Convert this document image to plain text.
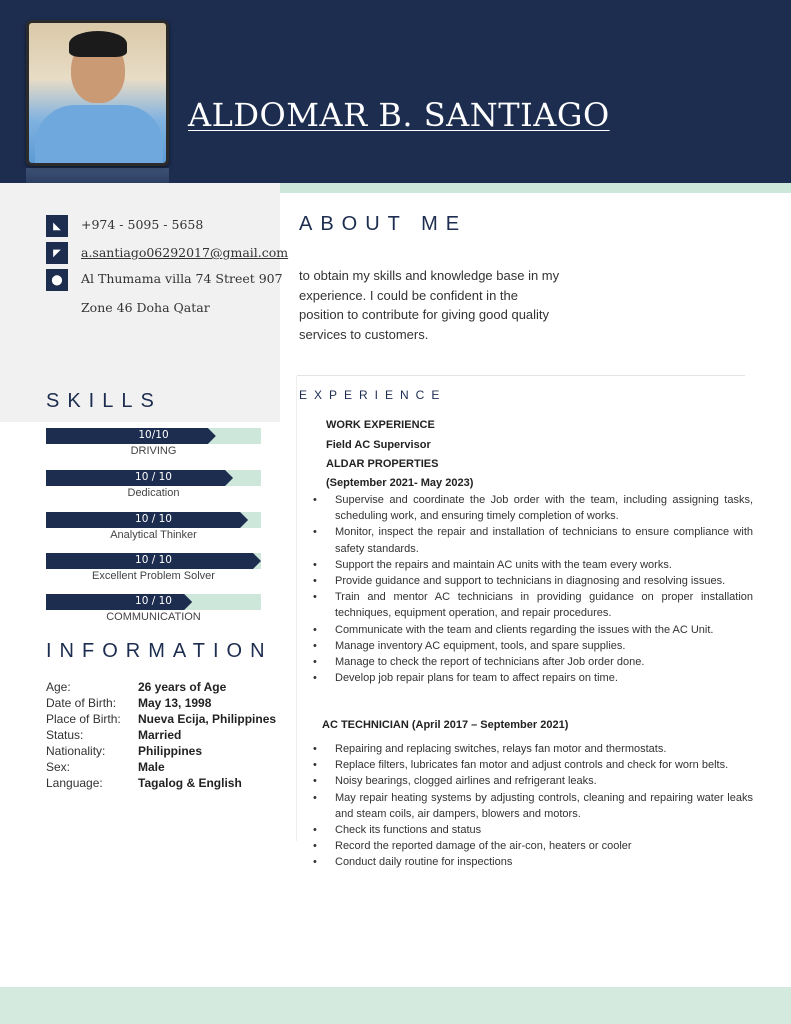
ALDOMAR B. SANTIAGO
◣	+974 - 5095 - 5658
◤	a.santiago06292017@gmail.com
⬤	Al Thumama villa 74 Street 907
Zone 46 Doha Qatar
ABOUT ME
to obtain my skills and knowledge base in my experience. I could be confident in the position to contribute for giving good quality services to customers.
SKILLS
10/10
DRIVING
10 / 10
Dedication
10 / 10
Analytical Thinker
10 / 10
Excellent Problem Solver
10 / 10
COMMUNICATION
INFORMATION
Age:	26 years of Age
Date of Birth:	May 13, 1998
Place of Birth:	Nueva Ecija, Philippines
Status:	Married
Nationality:	Philippines
Sex:	Male
Language:	Tagalog & English
EXPERIENCE
WORK EXPERIENCE
Field AC Supervisor
ALDAR PROPERTIES
(September 2021- May 2023)
• Supervise and coordinate the Job order with the team, including assigning tasks, scheduling work, and ensuring timely completion of works.
• Monitor, inspect the repair and installation of technicians to ensure compliance with safety standards.
• Support the repairs and maintain AC units with the team every works.
• Provide guidance and support to technicians in diagnosing and resolving issues.
• Train and mentor AC technicians in providing guidance on proper installation techniques, equipment operation, and repair procedures.
• Communicate with the team and clients regarding the issues with the AC Unit.
• Manage inventory AC equipment, tools, and spare supplies.
• Manage to check the report of technicians after Job order done.
• Develop job repair plans for team to affect repairs on time.
AC TECHNICIAN (April 2017 – September 2021)
• Repairing and replacing switches, relays fan motor and thermostats.
• Replace filters, lubricates fan motor and adjust controls and check for worn belts.
• Noisy bearings, clogged airlines and refrigerant leaks.
• May repair heating systems by adjusting controls, cleaning and repairing water leaks and steam coils, air dampers, blowers and motors.
• Check its functions and status
• Record the reported damage of the air-con, heaters or cooler
• Conduct daily routine for inspections
